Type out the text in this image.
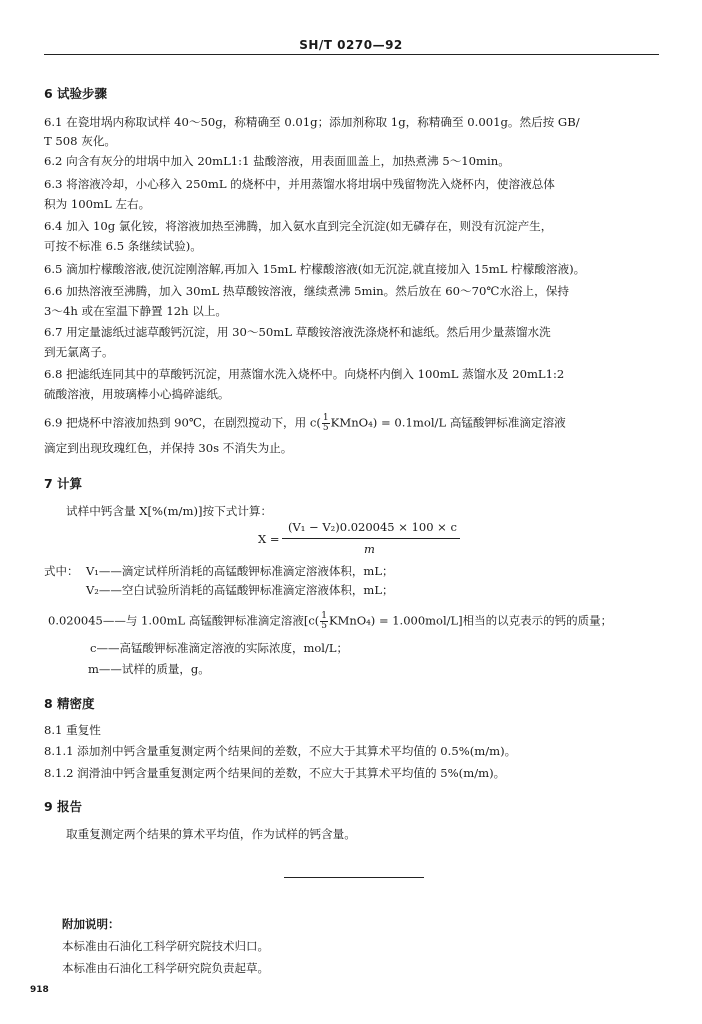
SH/T 0270—92
6 试验步骤
6.1 在瓷坩埚内称取试样 40～50g，称精确至 0.01g；添加剂称取 1g，称精确至 0.001g。然后按 GB/
T 508 灰化。
6.2 向含有灰分的坩埚中加入 20mL1:1 盐酸溶液，用表面皿盖上，加热煮沸 5～10min。
6.3 将溶液冷却，小心移入 250mL 的烧杯中，并用蒸馏水将坩埚中残留物洗入烧杯内，使溶液总体
积为 100mL 左右。
6.4 加入 10g 氯化铵，将溶液加热至沸腾，加入氨水直到完全沉淀(如无磷存在，则没有沉淀产生，
可按不标准 6.5 条继续试验)。
6.5 滴加柠檬酸溶液,使沉淀刚溶解,再加入 15mL 柠檬酸溶液(如无沉淀,就直接加入 15mL 柠檬酸溶液)。
6.6 加热溶液至沸腾，加入 30mL 热草酸铵溶液，继续煮沸 5min。然后放在 60～70℃水浴上，保持
3～4h 或在室温下静置 12h 以上。
6.7 用定量滤纸过滤草酸钙沉淀，用 30～50mL 草酸铵溶液洗涤烧杯和滤纸。然后用少量蒸馏水洗
到无氯离子。
6.8 把滤纸连同其中的草酸钙沉淀，用蒸馏水洗入烧杯中。向烧杯内倒入 100mL 蒸馏水及 20mL1:2
硫酸溶液，用玻璃棒小心捣碎滤纸。
6.9 把烧杯中溶液加热到 90℃，在剧烈搅动下，用 $c( \frac{1}{5}$ KMnO₄) = 0.1mol/L 高锰酸钾标准滴定溶液
滴定到出现玫瑰红色，并保持 30s 不消失为止。
7 计算
试样中钙含量 X[%(m/m)]按下式计算：
X =
(V₁ − V₂)0.020045 × 100 × c
m
式中： V₁——滴定试样所消耗的高锰酸钾标准滴定溶液体积，mL；
V₂——空白试验所消耗的高锰酸钾标准滴定溶液体积，mL；
0.020045——与 1.00mL 高锰酸钾标准滴定溶液[$c( \frac{1}{5}$ KMnO₄) = 1.000mol/L]相当的以克表示的钙的质量；
c——高锰酸钾标准滴定溶液的实际浓度，mol/L；
m——试样的质量，g。
8 精密度
8.1 重复性
8.1.1 添加剂中钙含量重复测定两个结果间的差数，不应大于其算术平均值的 0.5%(m/m)。
8.1.2 润滑油中钙含量重复测定两个结果间的差数，不应大于其算术平均值的 5%(m/m)。
9 报告
取重复测定两个结果的算术平均值，作为试样的钙含量。
附加说明：
本标准由石油化工科学研究院技术归口。
本标准由石油化工科学研究院负责起草。
918
